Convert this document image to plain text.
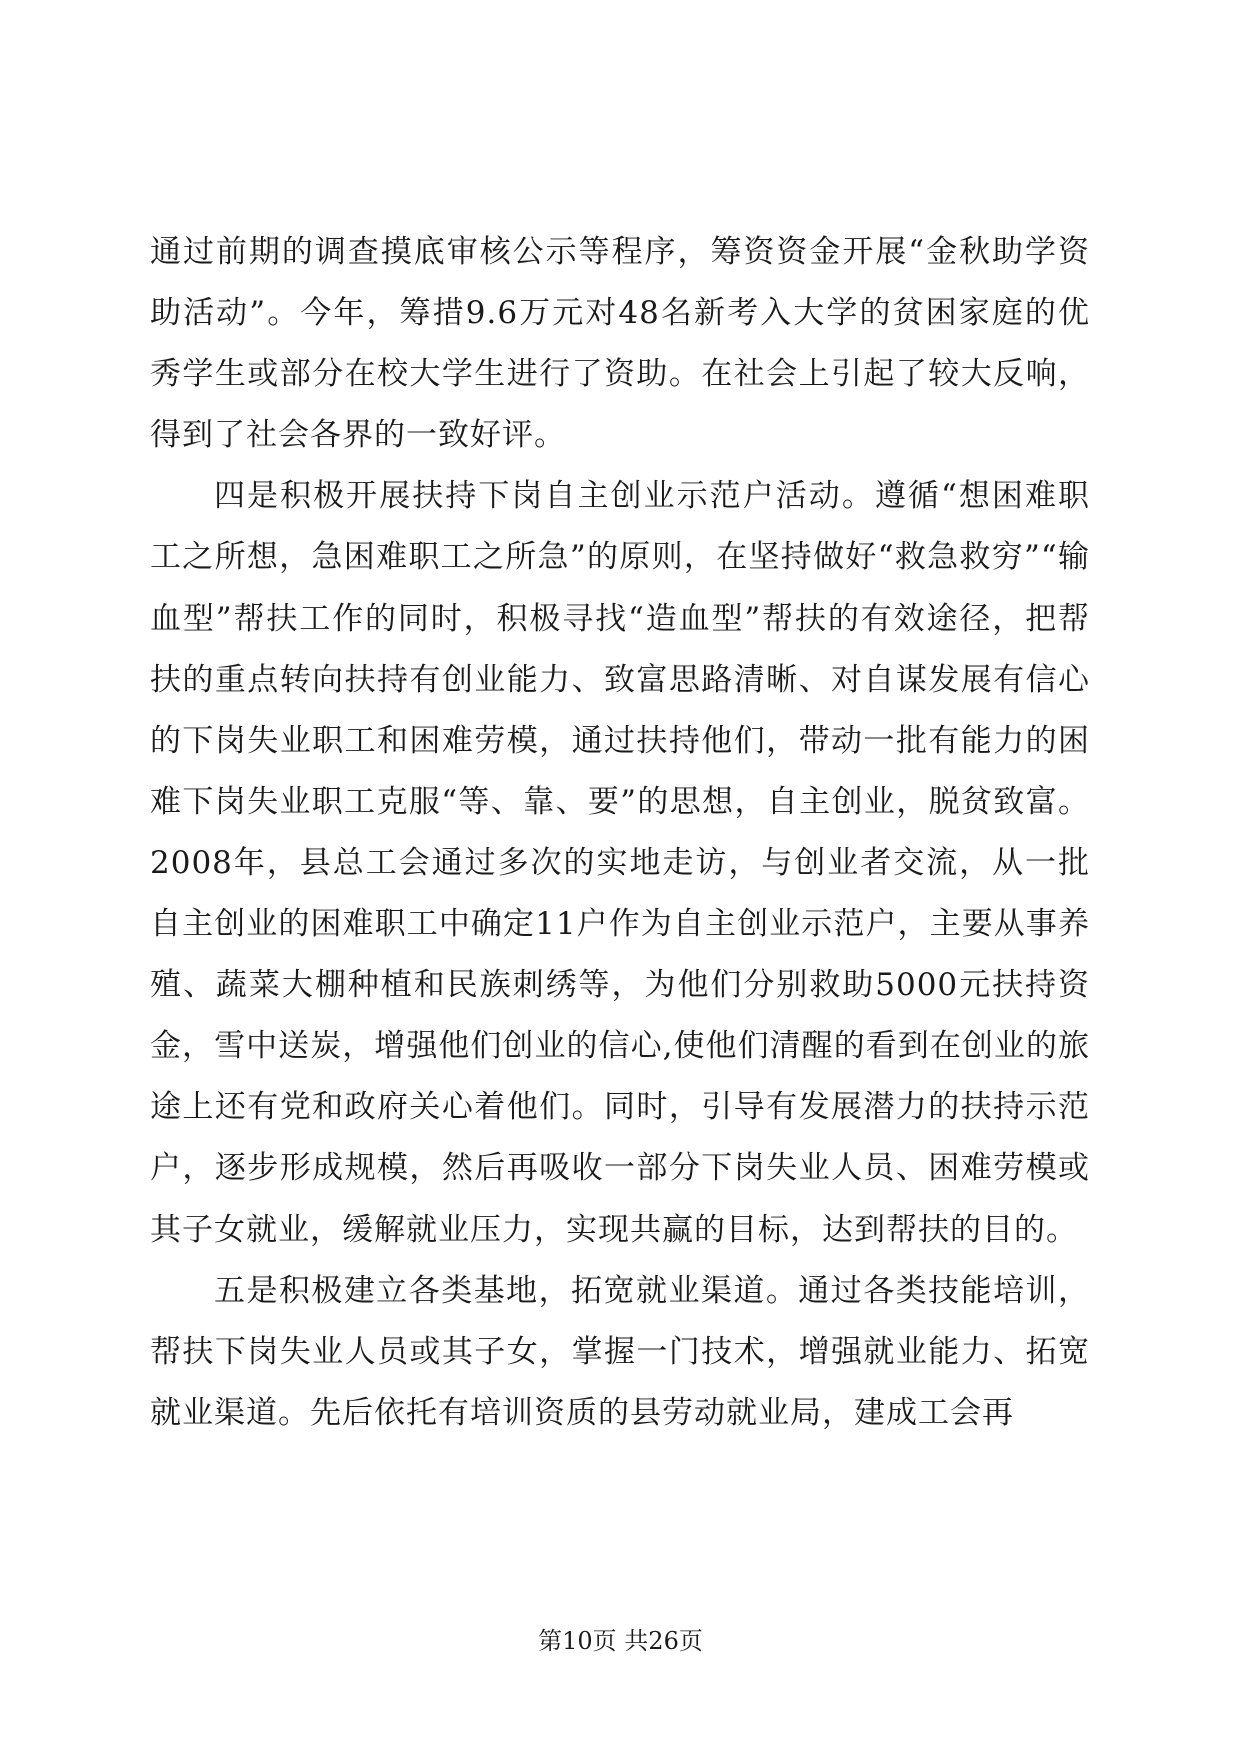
通过前期的调查摸底审核公示等程序，筹资资金开展“金秋助学资助活动”。今年，筹措9.6万元对48名新考入大学的贫困家庭的优秀学生或部分在校大学生进行了资助。在社会上引起了较大反响，得到了社会各界的一致好评。

四是积极开展扶持下岗自主创业示范户活动。遵循“想困难职工之所想，急困难职工之所急”的原则，在坚持做好“救急救穷”“输血型”帮扶工作的同时，积极寻找“造血型”帮扶的有效途径，把帮扶的重点转向扶持有创业能力、致富思路清晰、对自谋发展有信心的下岗失业职工和困难劳模，通过扶持他们，带动一批有能力的困难下岗失业职工克服“等、靠、要”的思想，自主创业，脱贫致富。2008年，县总工会通过多次的实地走访，与创业者交流，从一批自主创业的困难职工中确定11户作为自主创业示范户，主要从事养殖、蔬菜大棚种植和民族刺绣等，为他们分别救助5000元扶持资金，雪中送炭，增强他们创业的信心,使他们清醒的看到在创业的旅途上还有党和政府关心着他们。同时，引导有发展潜力的扶持示范户，逐步形成规模，然后再吸收一部分下岗失业人员、困难劳模或其子女就业，缓解就业压力，实现共赢的目标，达到帮扶的目的。

五是积极建立各类基地，拓宽就业渠道。通过各类技能培训，帮扶下岗失业人员或其子女，掌握一门技术，增强就业能力、拓宽就业渠道。先后依托有培训资质的县劳动就业局，建成工会再

第10页 共26页
